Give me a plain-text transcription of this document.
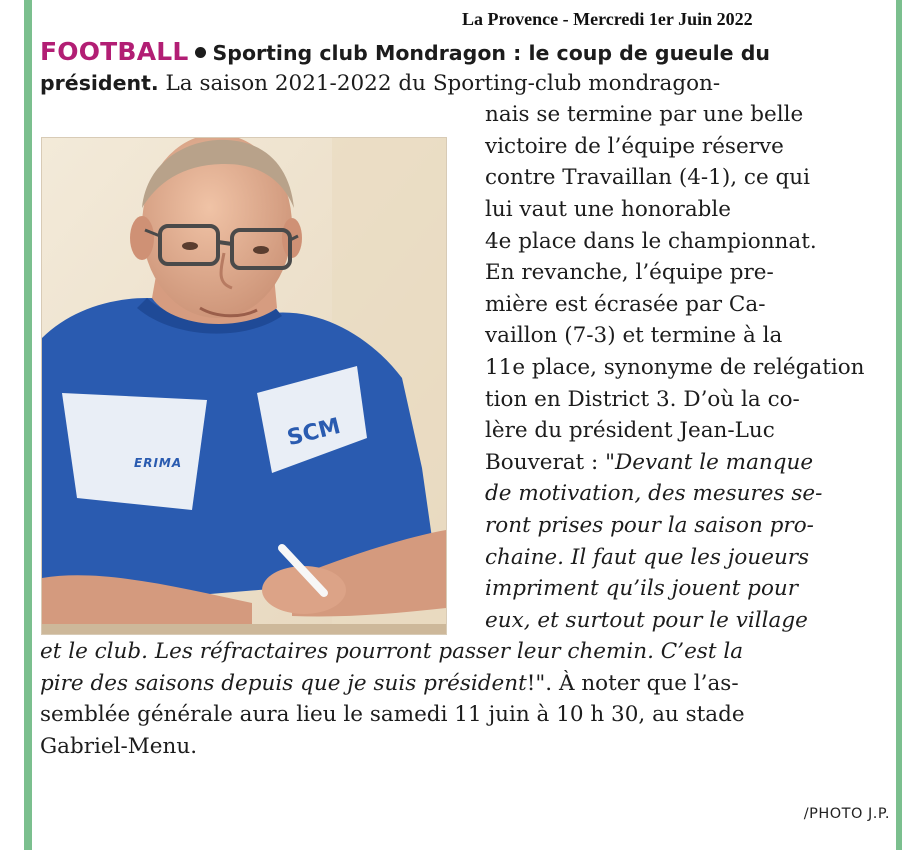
La Provence - Mercredi 1er Juin 2022
FOOTBALL Sporting club Mondragon : le coup de gueule du
président. La saison 2021-2022 du Sporting-club mondragon-
nais se termine par une belle
victoire de l’équipe réserve
contre Travaillan (4-1), ce qui
lui vaut une honorable
4e place dans le championnat.
En revanche, l’équipe pre-
mière est écrasée par Ca-
vaillon (7-3) et termine à la
11e place, synonyme de relégation
tion en District 3. D’où la co-
lère du président Jean-Luc
Bouverat : "Devant le manque
de motivation, des mesures se-
ront prises pour la saison pro-
chaine. Il faut que les joueurs
impriment qu’ils jouent pour
eux, et surtout pour le village
et le club. Les réfractaires pourront passer leur chemin. C’est la
pire des saisons depuis que je suis président!". À noter que l’as-
semblée générale aura lieu le samedi 11 juin à 10 h 30, au stade
Gabriel-Menu.
SCM
ERIMA
/PHOTO J.P.
